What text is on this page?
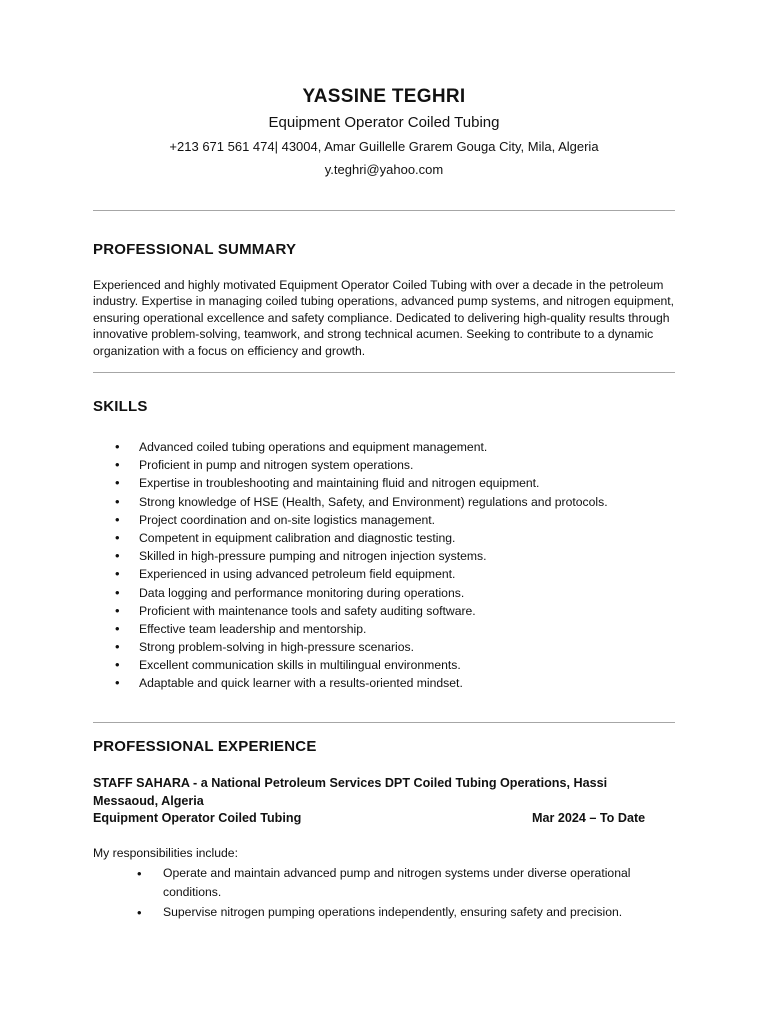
YASSINE TEGHRI
Equipment Operator Coiled Tubing
+213 671 561 474| 43004, Amar Guillelle Grarem Gouga City, Mila, Algeria
y.teghri@yahoo.com
PROFESSIONAL SUMMARY
Experienced and highly motivated Equipment Operator Coiled Tubing with over a decade in the petroleum industry. Expertise in managing coiled tubing operations, advanced pump systems, and nitrogen equipment, ensuring operational excellence and safety compliance. Dedicated to delivering high-quality results through innovative problem-solving, teamwork, and strong technical acumen. Seeking to contribute to a dynamic organization with a focus on efficiency and growth.
SKILLS
• Advanced coiled tubing operations and equipment management.
• Proficient in pump and nitrogen system operations.
• Expertise in troubleshooting and maintaining fluid and nitrogen equipment.
• Strong knowledge of HSE (Health, Safety, and Environment) regulations and protocols.
• Project coordination and on-site logistics management.
• Competent in equipment calibration and diagnostic testing.
• Skilled in high-pressure pumping and nitrogen injection systems.
• Experienced in using advanced petroleum field equipment.
• Data logging and performance monitoring during operations.
• Proficient with maintenance tools and safety auditing software.
• Effective team leadership and mentorship.
• Strong problem-solving in high-pressure scenarios.
• Excellent communication skills in multilingual environments.
• Adaptable and quick learner with a results-oriented mindset.
PROFESSIONAL EXPERIENCE
STAFF SAHARA - a National Petroleum Services DPT Coiled Tubing Operations, Hassi Messaoud, Algeria
Equipment Operator Coiled Tubing	Mar 2024 – To Date
My responsibilities include:
• Operate and maintain advanced pump and nitrogen systems under diverse operational conditions.
• Supervise nitrogen pumping operations independently, ensuring safety and precision.
